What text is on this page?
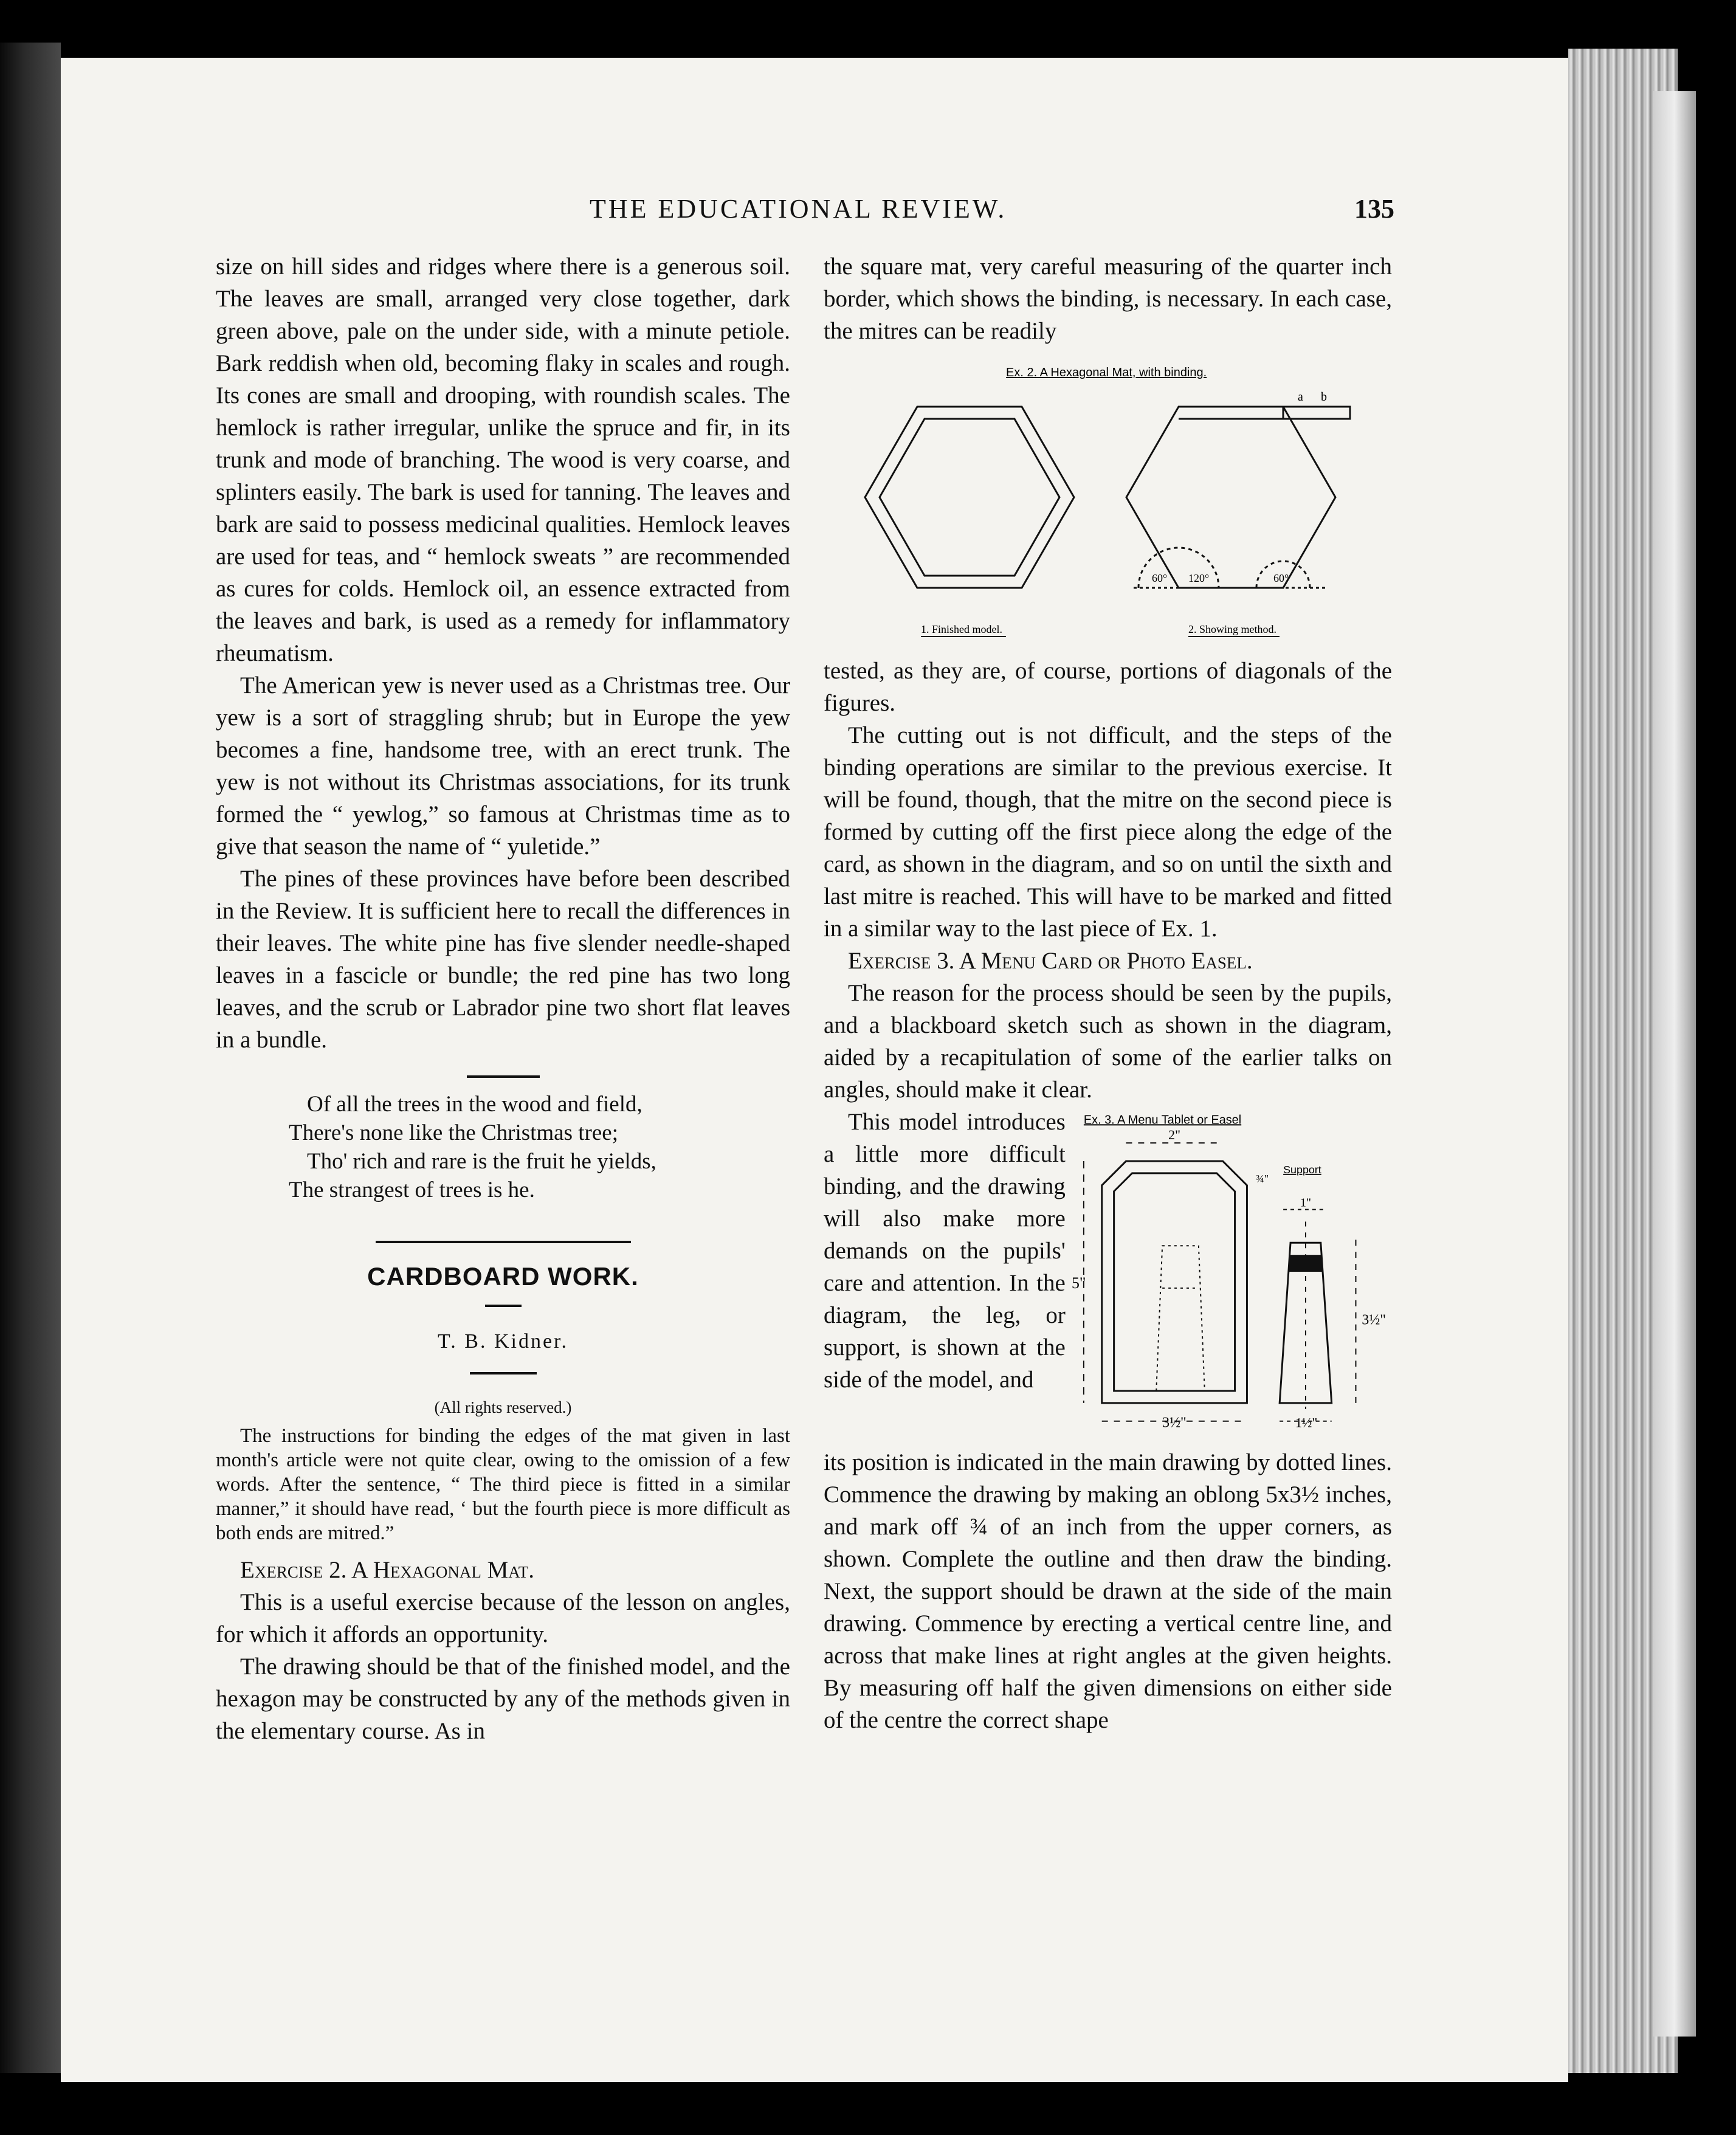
THE EDUCATIONAL REVIEW.	135

size on hill sides and ridges where there is a generous soil. The leaves are small, arranged very close together, dark green above, pale on the under side, with a minute petiole. Bark reddish when old, becoming flaky in scales and rough. Its cones are small and drooping, with roundish scales. The hemlock is rather irregular, unlike the spruce and fir, in its trunk and mode of branching. The wood is very coarse, and splinters easily. The bark is used for tanning. The leaves and bark are said to possess medicinal qualities. Hemlock leaves are used for teas, and “ hemlock sweats ” are recommended as cures for colds. Hemlock oil, an essence extracted from the leaves and bark, is used as a remedy for inflammatory rheumatism.

The American yew is never used as a Christmas tree. Our yew is a sort of straggling shrub; but in Europe the yew becomes a fine, handsome tree, with an erect trunk. The yew is not without its Christmas associations, for its trunk formed the “ yewlog,” so famous at Christmas time as to give that season the name of “ yuletide.”

The pines of these provinces have before been described in the Review. It is sufficient here to recall the differences in their leaves. The white pine has five slender needle-shaped leaves in a fascicle or bundle; the red pine has two long leaves, and the scrub or Labrador pine two short flat leaves in a bundle.

Of all the trees in the wood and field,

There's none like the Christmas tree;

Tho' rich and rare is the fruit he yields,

The strangest of trees is he.

CARDBOARD WORK.
T. B. Kidner.
(All rights reserved.)

The instructions for binding the edges of the mat given in last month's article were not quite clear, owing to the omission of a few words. After the sentence, “ The third piece is fitted in a similar manner,” it should have read, ‘ but the fourth piece is more difficult as both ends are mitred.”

Exercise 2. A Hexagonal Mat.

This is a useful exercise because of the lesson on angles, for which it affords an opportunity.

The drawing should be that of the finished model, and the hexagon may be constructed by any of the methods given in the elementary course. As in

the square mat, very careful measuring of the quarter inch border, which shows the binding, is necessary. In each case, the mitres can be readily

Ex. 2. A Hexagonal Mat, with binding.
a b
60° 120°	60°
1. Finished model.	2. Showing method.

tested, as they are, of course, portions of diagonals of the figures.

The cutting out is not difficult, and the steps of the binding operations are similar to the previous exercise. It will be found, though, that the mitre on the second piece is formed by cutting off the first piece along the edge of the card, as shown in the diagram, and so on until the sixth and last mitre is reached. This will have to be marked and fitted in a similar way to the last piece of Ex. 1.

Exercise 3. A Menu Card or Photo Easel.

The reason for the process should be seen by the pupils, and a blackboard sketch such as shown in the diagram, aided by a recapitulation of some of the earlier talks on angles, should make it clear.

This model introduces a little more difficult binding, and the drawing will also make more demands on the pupils' care and attention. In the diagram, the leg, or support, is shown at the side of the model, and

Ex. 3. A Menu Tablet or Easel
Support
2"
5"
3½"
¾"
1"
3½"
1½"

its position is indicated in the main drawing by dotted lines. Commence the drawing by making an oblong 5x3½ inches, and mark off ¾ of an inch from the upper corners, as shown. Complete the outline and then draw the binding. Next, the support should be drawn at the side of the main drawing. Commence by erecting a vertical centre line, and across that make lines at right angles at the given heights. By measuring off half the given dimensions on either side of the centre the correct shape
